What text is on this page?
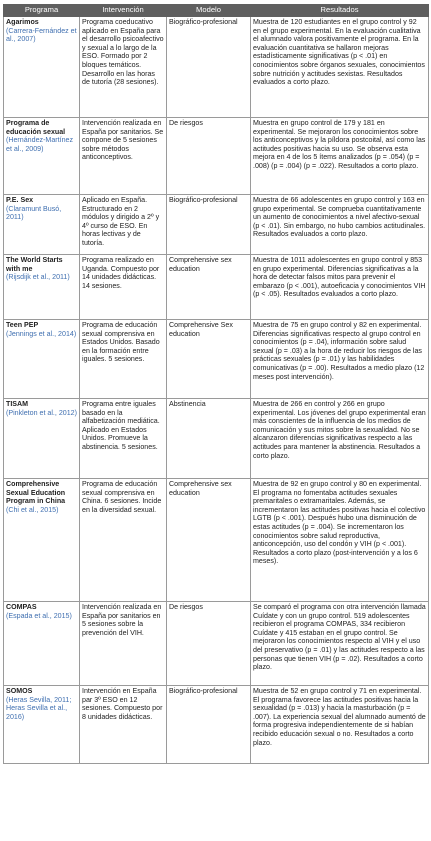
Programa	Intervención	Modelo	Resultados

Agarimos
(Carrera-Fernández et al., 2007)	Programa coeducativo aplicado en España para el desarrollo psicoafectivo y sexual a lo largo de la ESO. Formado por 2 bloques temáticos. Desarrollo en las horas de tutoría (28 sesiones).	Biográfico-profesional	Muestra de 120 estudiantes en el grupo control y 92 en el grupo experimental. En la evaluación cualitativa el alumnado valora positivamente el programa. En la evaluación cuantitativa se hallaron mejoras estadísticamente significativas (p < .01) en conocimientos sobre órganos sexuales, conocimientos sobre nutrición y actitudes sexistas. Resultados evaluados a corto plazo.

Programa de educación sexual
(Hernández-Martínez et al., 2009)	Intervención realizada en España por sanitarios. Se compone de 5 sesiones sobre métodos anticonceptivos.	De riesgos	Muestra en grupo control de 179 y 181 en experimental. Se mejoraron los conocimientos sobre los anticonceptivos y la píldora postcoital, así como las actitudes positivas hacia su uso. Se observa esta mejora en 4 de los 5 ítems analizados (p = .054) (p = .008) (p = .004) (p = .022). Resultados a corto plazo.

P.E. Sex
(Claramunt Busó, 2011)	Aplicado en España. Estructurado en 2 módulos y dirigido a 2º y 4º curso de ESO. En horas lectivas y de tutoría.	Biográfico-profesional	Muestra de 66 adolescentes en grupo control y 163 en grupo experimental. Se comprueba cuantitativamente un aumento de conocimientos a nivel afectivo-sexual (p < .01). Sin embargo, no hubo cambios actitudinales. Resultados evaluados a corto plazo.

The World Starts with me
(Rijsdijk et al., 2011)	Programa realizado en Uganda. Compuesto por 14 unidades didácticas. 14 sesiones.	Comprehensive sex education	Muestra de 1011 adolescentes en grupo control y 853 en grupo experimental. Diferencias significativas a la hora de detectar falsos mitos para prevenir el embarazo (p < .001), autoeficacia y conocimientos VIH (p < .05). Resultados evaluados a corto plazo.

Teen PEP
(Jennings et al., 2014)	Programa de educación sexual comprensiva en Estados Unidos. Basado en la formación entre iguales. 5 sesiones.	Comprehensive Sex education	Muestra de 75 en grupo control y 82 en experimental. Diferencias significativas respecto al grupo control en conocimientos (p = .04), información sobre salud sexual (p = .03) a la hora de reducir los riesgos de las prácticas sexuales (p = .01) y las habilidades comunicativas (p = .00). Resultados a medio plazo (12 meses post intervención).

TISAM
(Pinkleton et al., 2012)	Programa entre iguales basado en la alfabetización mediática. Aplicado en Estados Unidos. Promueve la abstinencia. 5 sesiones.	Abstinencia	Muestra de 266 en control y 266 en grupo experimental. Los jóvenes del grupo experimental eran más conscientes de la influencia de los medios de comunicación y sus mitos sobre la sexualidad. No se alcanzaron diferencias significativas respecto a las actitudes para mantener la abstinencia. Resultados a corto plazo.

Comprehensive Sexual Education Program in China
(Chi et al., 2015)	Programa de educación sexual comprensiva en China. 6 sesiones. Incide en la diversidad sexual.	Comprehensive sex education	Muestra de 92 en grupo control y 80 en experimental. El programa no fomentaba actitudes sexuales premaritales o extramaritales. Además, se incrementaron las actitudes positivas hacia el colectivo LGTB (p < .001). Después hubo una disminución de estas actitudes (p = .004). Se incrementaron los conocimientos sobre salud reproductiva, anticoncepción, uso del condón y VIH (p < .001). Resultados a corto plazo (post-intervención y a los 6 meses).

COMPAS
(Espada et al., 2015)	Intervención realizada en España por sanitarios en 5 sesiones sobre la prevención del VIH.	De riesgos	Se comparó el programa con otra intervención llamada Cuídate y con un grupo control. 519 adolescentes recibieron el programa COMPAS, 334 recibieron Cuídate y 415 estaban en el grupo control. Se mejoraron los conocimientos respecto al VIH y el uso del preservativo (p = .01) y las actitudes respecto a las personas que tienen VIH (p = .02). Resultados a corto plazo.

SOMOS
(Heras Sevilla, 2011; Heras Sevilla et al., 2016)	Intervención en España par 3º ESO en 12 sesiones. Compuesto por 8 unidades didácticas.	Biográfico-profesional	Muestra de 52 en grupo control y 71 en experimental. El programa favorece las actitudes positivas hacia la sexualidad (p = .013) y hacia la masturbación (p = .007). La experiencia sexual del alumnado aumentó de forma progresiva independientemente de si habían recibido educación sexual o no. Resultados a corto plazo.
